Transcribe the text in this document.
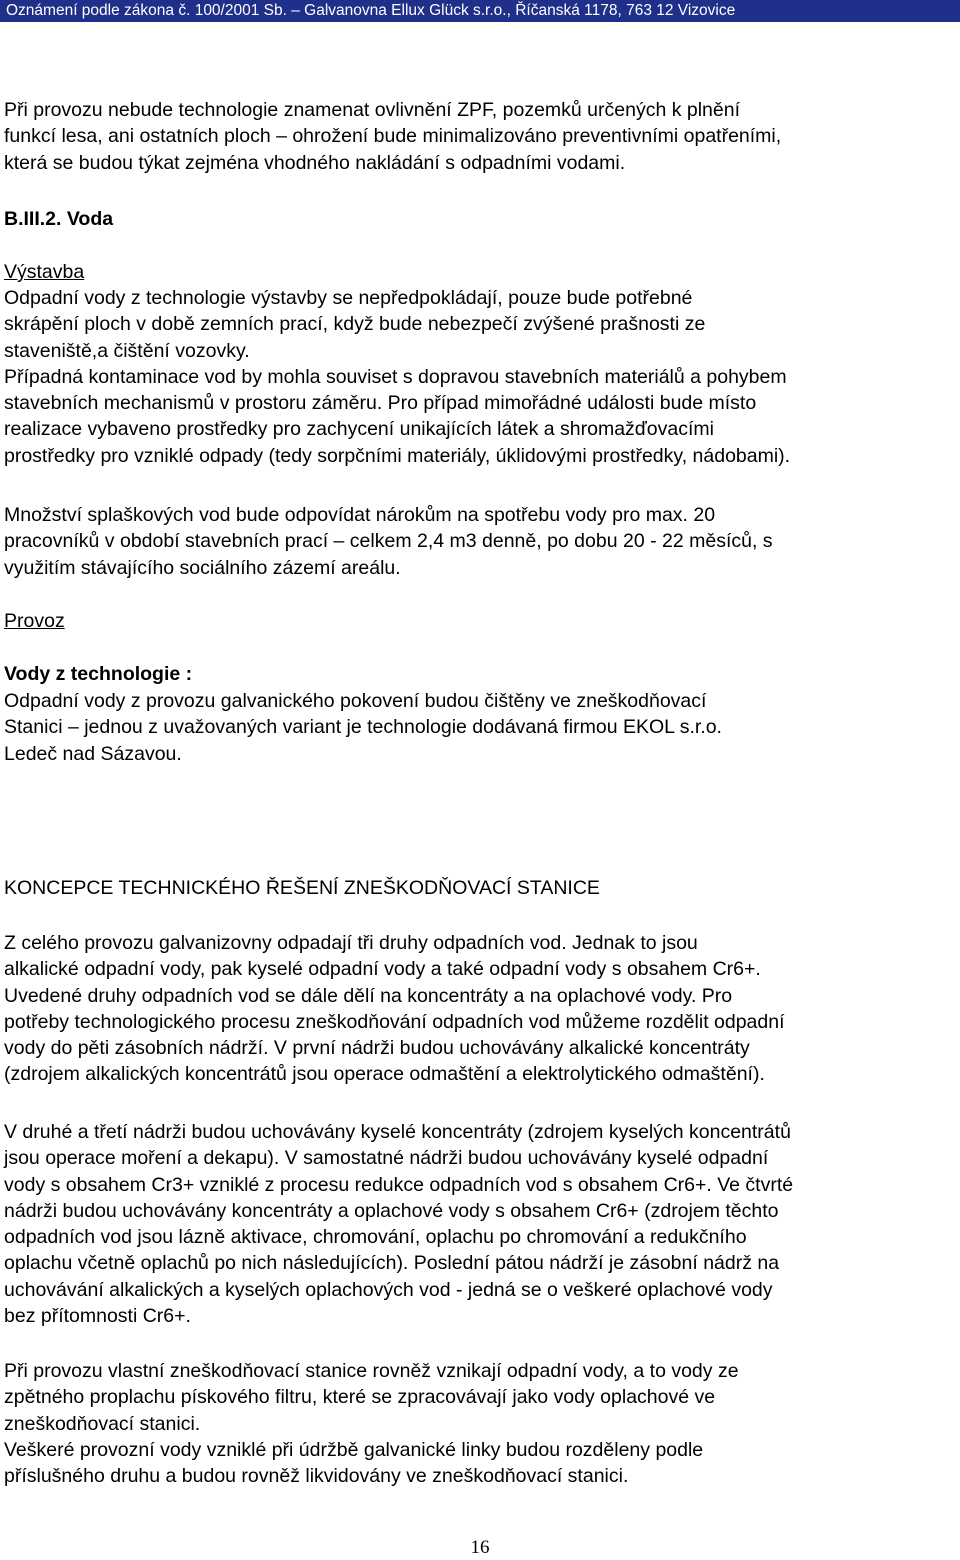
Oznámení podle zákona č. 100/2001 Sb. – Galvanovna Ellux Glück s.r.o., Říčanská 1178, 763 12 Vizovice
Při provozu nebude technologie znamenat ovlivnění ZPF, pozemků určených k plnění
funkcí lesa, ani ostatních ploch – ohrožení bude minimalizováno preventivními opatřeními,
která se budou týkat zejména vhodného nakládání s odpadními vodami.
B.III.2. Voda
Výstavba
Odpadní vody z technologie výstavby se nepředpokládají, pouze bude potřebné
skrápění ploch v době zemních prací, když bude nebezpečí zvýšené prašnosti ze
staveniště,a čištění vozovky.
Případná kontaminace vod by mohla souviset s dopravou stavebních materiálů a pohybem
stavebních mechanismů v prostoru záměru. Pro případ mimořádné události bude místo
realizace vybaveno prostředky pro zachycení unikajících látek a shromažďovacími
prostředky pro vzniklé odpady (tedy sorpčními materiály, úklidovými prostředky, nádobami).
Množství splaškových vod bude odpovídat nárokům na spotřebu vody pro max. 20
pracovníků v období stavebních prací – celkem 2,4 m3 denně, po dobu 20 - 22 měsíců, s
využitím stávajícího sociálního zázemí areálu.
Provoz
Vody z technologie :
Odpadní vody z provozu galvanického pokovení budou čištěny ve zneškodňovací
Stanici – jednou z uvažovaných variant je technologie dodávaná firmou EKOL s.r.o.
Ledeč nad Sázavou.
KONCEPCE TECHNICKÉHO ŘEŠENÍ ZNEŠKODŇOVACÍ STANICE
Z celého provozu galvanizovny odpadají tři druhy odpadních vod. Jednak to jsou
alkalické odpadní vody, pak kyselé odpadní vody a také odpadní vody s obsahem Cr6+.
Uvedené druhy odpadních vod se dále dělí na koncentráty a na oplachové vody. Pro
potřeby technologického procesu zneškodňování odpadních vod můžeme rozdělit odpadní
vody do pěti zásobních nádrží. V první nádrži budou uchovávány alkalické koncentráty
(zdrojem alkalických koncentrátů jsou operace odmaštění a elektrolytického odmaštění).
V druhé a třetí nádrži budou uchovávány kyselé koncentráty (zdrojem kyselých koncentrátů
jsou operace moření a dekapu). V samostatné nádrži budou uchovávány kyselé odpadní
vody s obsahem Cr3+ vzniklé z procesu redukce odpadních vod s obsahem Cr6+. Ve čtvrté
nádrži budou uchovávány koncentráty a oplachové vody s obsahem Cr6+ (zdrojem těchto
odpadních vod jsou lázně aktivace, chromování, oplachu po chromování a redukčního
oplachu včetně oplachů po nich následujících). Poslední pátou nádrží je zásobní nádrž na
uchovávání alkalických a kyselých oplachových vod - jedná se o veškeré oplachové vody
bez přítomnosti Cr6+.
Při provozu vlastní zneškodňovací stanice rovněž vznikají odpadní vody, a to vody ze
zpětného proplachu pískového filtru, které se zpracovávají jako vody oplachové ve
zneškodňovací stanici.
Veškeré provozní vody vzniklé při údržbě galvanické linky budou rozděleny podle
příslušného druhu a budou rovněž likvidovány ve zneškodňovací stanici.
16
